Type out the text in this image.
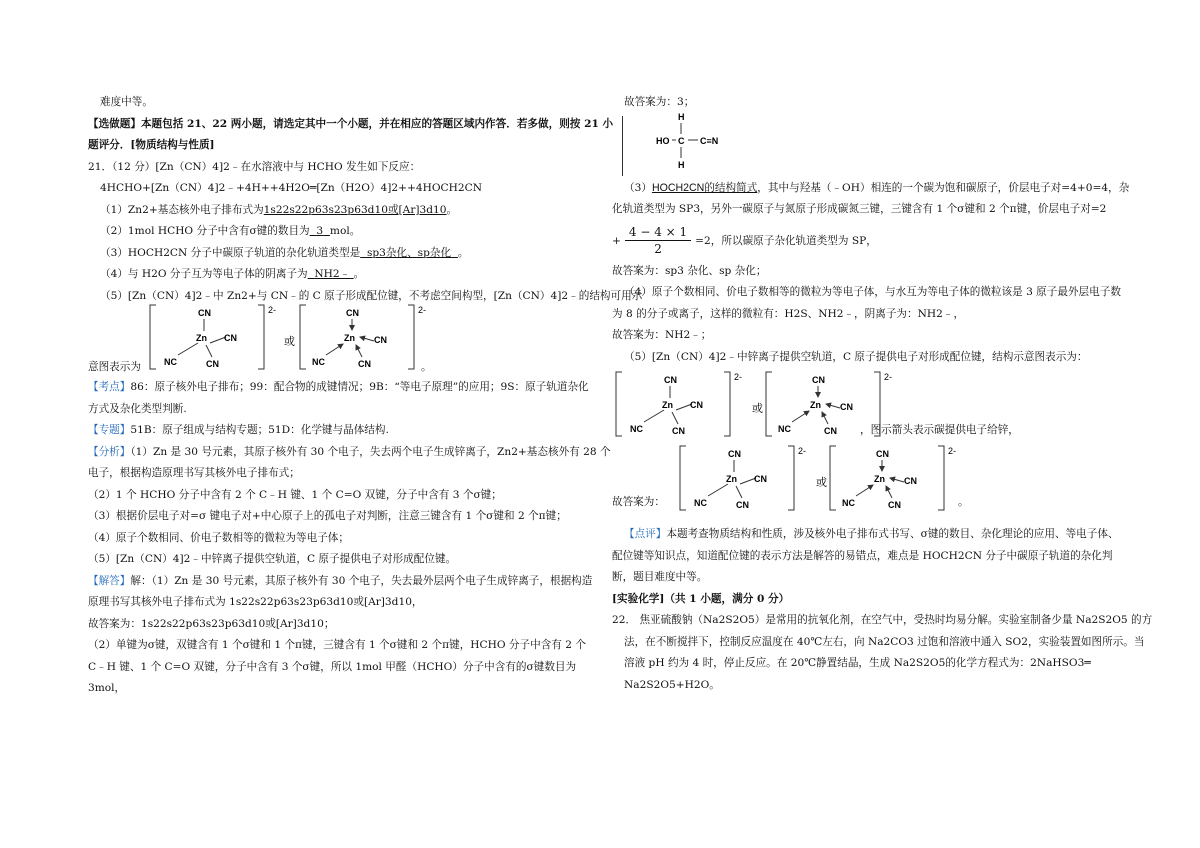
难度中等。

【选做题】本题包括 21、22 两小题，请选定其中一个小题，并在相应的答题区域内作答．若多做，则按 21 小

题评分．[物质结构与性质]

21．（12 分）[Zn（CN）4]2﹣在水溶液中与 HCHO 发生如下反应：

4HCHO+[Zn（CN）4]2﹣+4H++4H2O═[Zn（H2O）4]2++4HOCH2CN

（1）Zn2+基态核外电子排布式为1s22s22p63s23p63d10或[Ar]3d10。

（2）1mol HCHO 分子中含有σ键的数目为 3 mol。

（3）HOCH2CN 分子中碳原子轨道的杂化轨道类型是 sp3杂化、sp杂化 。

（4）与 H2O 分子互为等电子体的阴离子为 NH2﹣ 。

（5）[Zn（CN）4]2﹣中 Zn2+与 CN﹣的 C 原子形成配位键，不考虑空间构型，[Zn（CN）4]2﹣的结构可用示

CN
Zn
NC
CN
CN
2-
或
CN
Zn
NC
CN
CN
2-

意图表示为	。

【考点】86：原子核外电子排布；99：配合物的成键情况；9B：“等电子原理”的应用；9S：原子轨道杂化

方式及杂化类型判断.

【专题】51B：原子组成与结构专题；51D：化学键与晶体结构.

【分析】（1）Zn 是 30 号元素，其原子核外有 30 个电子，失去两个电子生成锌离子，Zn2+基态核外有 28 个

电子，根据构造原理书写其核外电子排布式；

（2）1 个 HCHO 分子中含有 2 个 C﹣H 键、1 个 C=O 双键，分子中含有 3 个σ键；

（3）根据价层电子对=σ 键电子对+中心原子上的孤电子对判断，注意三键含有 1 个σ键和 2 个π键；

（4）原子个数相同、价电子数相等的微粒为等电子体；

（5）[Zn（CN）4]2﹣中锌离子提供空轨道，C 原子提供电子对形成配位键。

【解答】解：（1）Zn 是 30 号元素，其原子核外有 30 个电子，失去最外层两个电子生成锌离子，根据构造

原理书写其核外电子排布式为 1s22s22p63s23p63d10或[Ar]3d10，

故答案为：1s22s22p63s23p63d10或[Ar]3d10；

（2）单键为σ键，双键含有 1 个σ键和 1 个π键，三键含有 1 个σ键和 2 个π键，HCHO 分子中含有 2 个

C﹣H 键、1 个 C=O 双键，分子中含有 3 个σ键，所以 1mol 甲醛（HCHO）分子中含有的σ键数目为

3mol，

故答案为：3；

H
HO C C≡N
H

（3）HOCH2CN的结构简式，其中与羟基（﹣OH）相连的一个碳为饱和碳原子，价层电子对=4+0=4，杂

化轨道类型为 SP3，另外一碳原子与氮原子形成碳氮三键，三键含有 1 个σ键和 2 个π键，价层电子对=2

+ $\frac{4 - 4 \times 1}{2} =2$，所以碳原子杂化轨道类型为 SP，

故答案为：sp3 杂化、sp 杂化；

（4）原子个数相同、价电子数相等的微粒为等电子体，与水互为等电子体的微粒该是 3 原子最外层电子数

为 8 的分子或离子，这样的微粒有：H2S、NH2﹣，阴离子为：NH2﹣，

故答案为：NH2﹣；

（5）[Zn（CN）4]2﹣中锌离子提供空轨道，C 原子提供电子对形成配位键，结构示意图表示为：

CN
Zn
NC
CN
CN
2-
或
CN
Zn
NC
CN
CN
2-

，图示箭头表示碳提供电子给锌，

CN
Zn
NC
CN
CN
2-
或
CN
Zn
NC
CN
CN
2-

故答案为：	。

【点评】本题考查物质结构和性质，涉及核外电子排布式书写、σ键的数目、杂化理论的应用、等电子体、

配位键等知识点，知道配位键的表示方法是解答的易错点，难点是 HOCH2CN 分子中碳原子轨道的杂化判

断，题目难度中等。

[实验化学]（共 1 小题，满分 0 分）

22． 焦亚硫酸钠（Na2S2O5）是常用的抗氧化剂，在空气中，受热时均易分解。实验室制备少量 Na2S2O5 的方

法，在不断搅拌下，控制反应温度在 40℃左右，向 Na2CO3 过饱和溶液中通入 SO2，实验装置如图所示。当

溶液 pH 约为 4 时，停止反应。在 20℃静置结晶，生成 Na2S2O5的化学方程式为：2NaHSO3═

Na2S2O5+H2O。
